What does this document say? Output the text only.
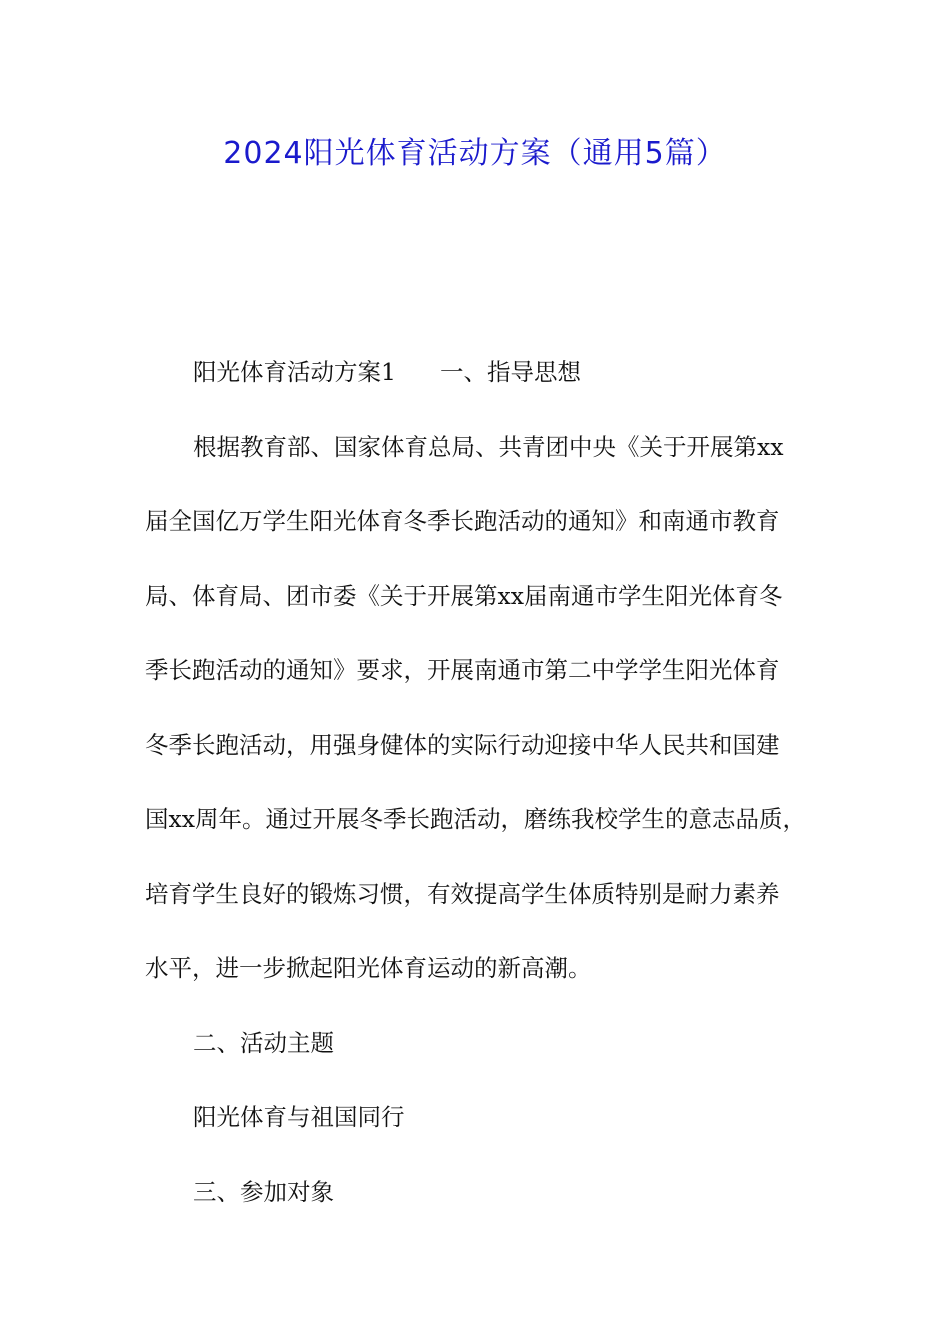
2024阳光体育活动方案（通用5篇）

阳光体育活动方案1 一、指导思想

根据教育部、国家体育总局、共青团中央《关于开展第xx

届全国亿万学生阳光体育冬季长跑活动的通知》和南通市教育

局、体育局、团市委《关于开展第xx届南通市学生阳光体育冬

季长跑活动的通知》要求，开展南通市第二中学学生阳光体育

冬季长跑活动，用强身健体的实际行动迎接中华人民共和国建

国xx周年。通过开展冬季长跑活动，磨练我校学生的意志品质，

培育学生良好的锻炼习惯，有效提高学生体质特别是耐力素养

水平，进一步掀起阳光体育运动的新高潮。

二、活动主题

阳光体育与祖国同行

三、参加对象
